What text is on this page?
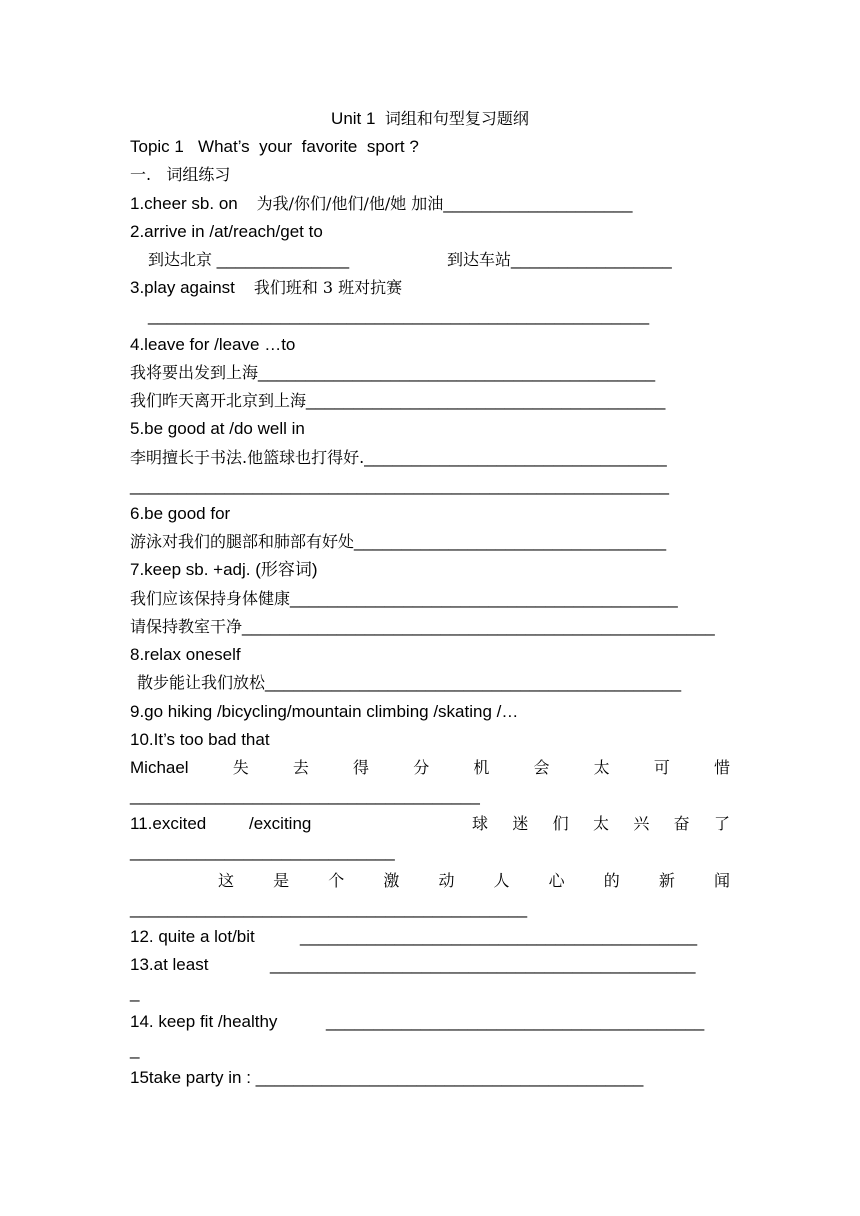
Unit 1 词组和句型复习题纲
Topic 1   What’s  your  favorite  sport ?
一.   词组练习
1.cheer sb. on 为我/你们/他们/他/她 加油____________________
2.arrive in /at/reach/get to
到达北京 ______________	到达车站_________________
3.play against 我们班和 3 班对抗赛
_____________________________________________________
4.leave for /leave …to
我将要出发到上海__________________________________________
我们昨天离开北京到上海______________________________________
5.be good at /do well in
李明擅长于书法.他篮球也打得好.________________________________
_________________________________________________________
6.be good for
游泳对我们的腿部和肺部有好处_________________________________
7.keep sb. +adj. (形容词)
我们应该保持身体健康_________________________________________
请保持教室干净__________________________________________________
8.relax oneself
散步能让我们放松____________________________________________
9.go hiking /bicycling/mountain climbing /skating /…
10.It’s too bad that
Michael	失	去	得	分	机	会	太	可	惜
_____________________________________
11.excited	/exciting	球 迷 们 太 兴 奋 了
____________________________
这 是 个 激 动 人 心 的 新 闻
__________________________________________
12. quite a lot/bit	__________________________________________
13.at least	_____________________________________________
_
14. keep fit /healthy	________________________________________
_
15take party in : _________________________________________
